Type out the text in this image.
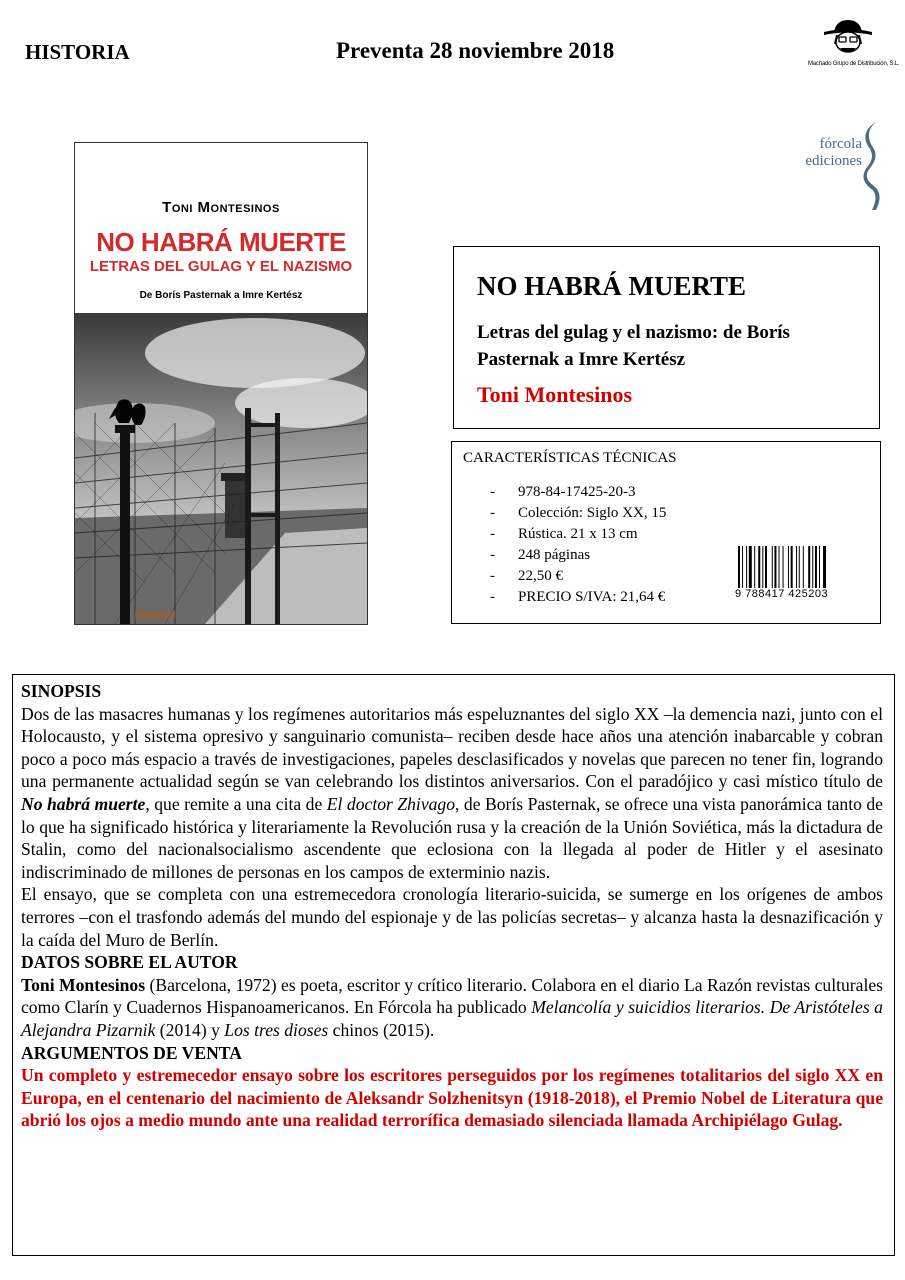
HISTORIA	Preventa 28 noviembre 2018
Machado Grupo de Distribución, S.L.
fórcola
ediciones
Toni Montesinos
NO HABRÁ MUERTE
LETRAS DEL GULAG Y EL NAZISMO
De Borís Pasternak a Imre Kertész	NO HABRÁ MUERTE
Letras del gulag y el nazismo: de Borís Pasternak a Imre Kertész
Toni Montesinos
CARACTERÍSTICAS TÉCNICAS
- 978-84-17425-20-3
- Colección: Siglo XX, 15
- Rústica. 21 x 13 cm
- 248 páginas
- 22,50 €
- PRECIO S/IVA: 21,64 €	9 788417 425203
SINOPSIS

Dos de las masacres humanas y los regímenes autoritarios más espeluznantes del siglo XX –la demencia nazi, junto con el Holocausto, y el sistema opresivo y sanguinario comunista– reciben desde hace años una atención inabarcable y cobran poco a poco más espacio a través de investigaciones, papeles desclasificados y novelas que parecen no tener fin, logrando una permanente actualidad según se van celebrando los distintos aniversarios. Con el paradójico y casi místico título de No habrá muerte, que remite a una cita de El doctor Zhivago, de Borís Pasternak, se ofrece una vista panorámica tanto de lo que ha significado histórica y literariamente la Revolución rusa y la creación de la Unión Soviética, más la dictadura de Stalin, como del nacionalsocialismo ascendente que eclosiona con la llegada al poder de Hitler y el asesinato indiscriminado de millones de personas en los campos de exterminio nazis.

El ensayo, que se completa con una estremecedora cronología literario-suicida, se sumerge en los orígenes de ambos terrores –con el trasfondo además del mundo del espionaje y de las policías secretas– y alcanza hasta la desnazificación y la caída del Muro de Berlín.

DATOS SOBRE EL AUTOR

Toni Montesinos (Barcelona, 1972) es poeta, escritor y crítico literario. Colabora en el diario La Razón revistas culturales como Clarín y Cuadernos Hispanoamericanos. En Fórcola ha publicado Melancolía y suicidios literarios. De Aristóteles a Alejandra Pizarnik (2014) y Los tres dioses chinos (2015).

ARGUMENTOS DE VENTA

Un completo y estremecedor ensayo sobre los escritores perseguidos por los regímenes totalitarios del siglo XX en Europa, en el centenario del nacimiento de Aleksandr Solzhenitsyn (1918-2018), el Premio Nobel de Literatura que abrió los ojos a medio mundo ante una realidad terrorífica demasiado silenciada llamada Archipiélago Gulag.
